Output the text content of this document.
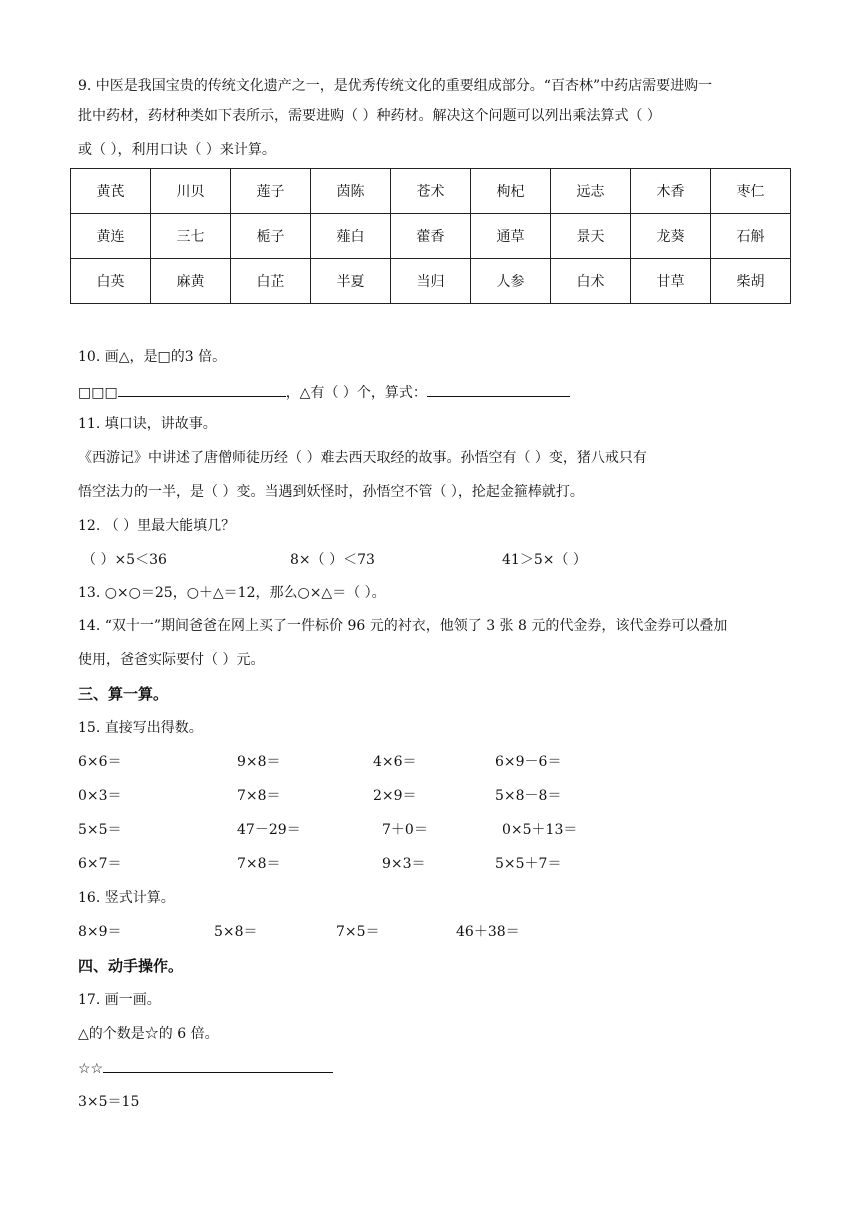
9. 中医是我国宝贵的传统文化遗产之一，是优秀传统文化的重要组成部分。“百杏林”中药店需要进购一
批中药材，药材种类如下表所示，需要进购（ ）种药材。解决这个问题可以列出乘法算式（ ）
或（ ），利用口诀（ ）来计算。
黄芪	川贝	莲子	茵陈	苍术	枸杞	远志	木香	枣仁
黄连	三七	栀子	薤白	藿香	通草	景天	龙葵	石斛
白英	麻黄	白芷	半夏	当归	人参	白术	甘草	柴胡
10. 画△，是□的3 倍。
□□□	，△有（ ）个，算式：
11. 填口诀，讲故事。
《西游记》中讲述了唐僧师徒历经（ ）难去西天取经的故事。孙悟空有（ ）变，猪八戒只有
悟空法力的一半，是（ ）变。当遇到妖怪时，孙悟空不管（ ），抡起金箍棒就打。
12. （ ）里最大能填几？
（ ）×5＜36	8×（ ）＜73	41＞5×（ ）
13. ○×○＝25，○＋△＝12，那么○×△＝（ ）。
14. “双十一”期间爸爸在网上买了一件标价 96 元的衬衣，他领了 3 张 8 元的代金券，该代金券可以叠加
使用，爸爸实际要付（ ）元。
三、算一算。
15. 直接写出得数。
6×6＝	9×8＝	4×6＝	6×9－6＝
0×3＝	7×8＝	2×9＝	5×8－8＝
5×5＝	47－29＝	7＋0＝	0×5＋13＝
6×7＝	7×8＝	9×3＝	5×5＋7＝
16. 竖式计算。
8×9＝	5×8＝	7×5＝	46＋38＝
四、动手操作。
17. 画一画。
△的个数是☆的 6 倍。
☆☆
3×5＝15
